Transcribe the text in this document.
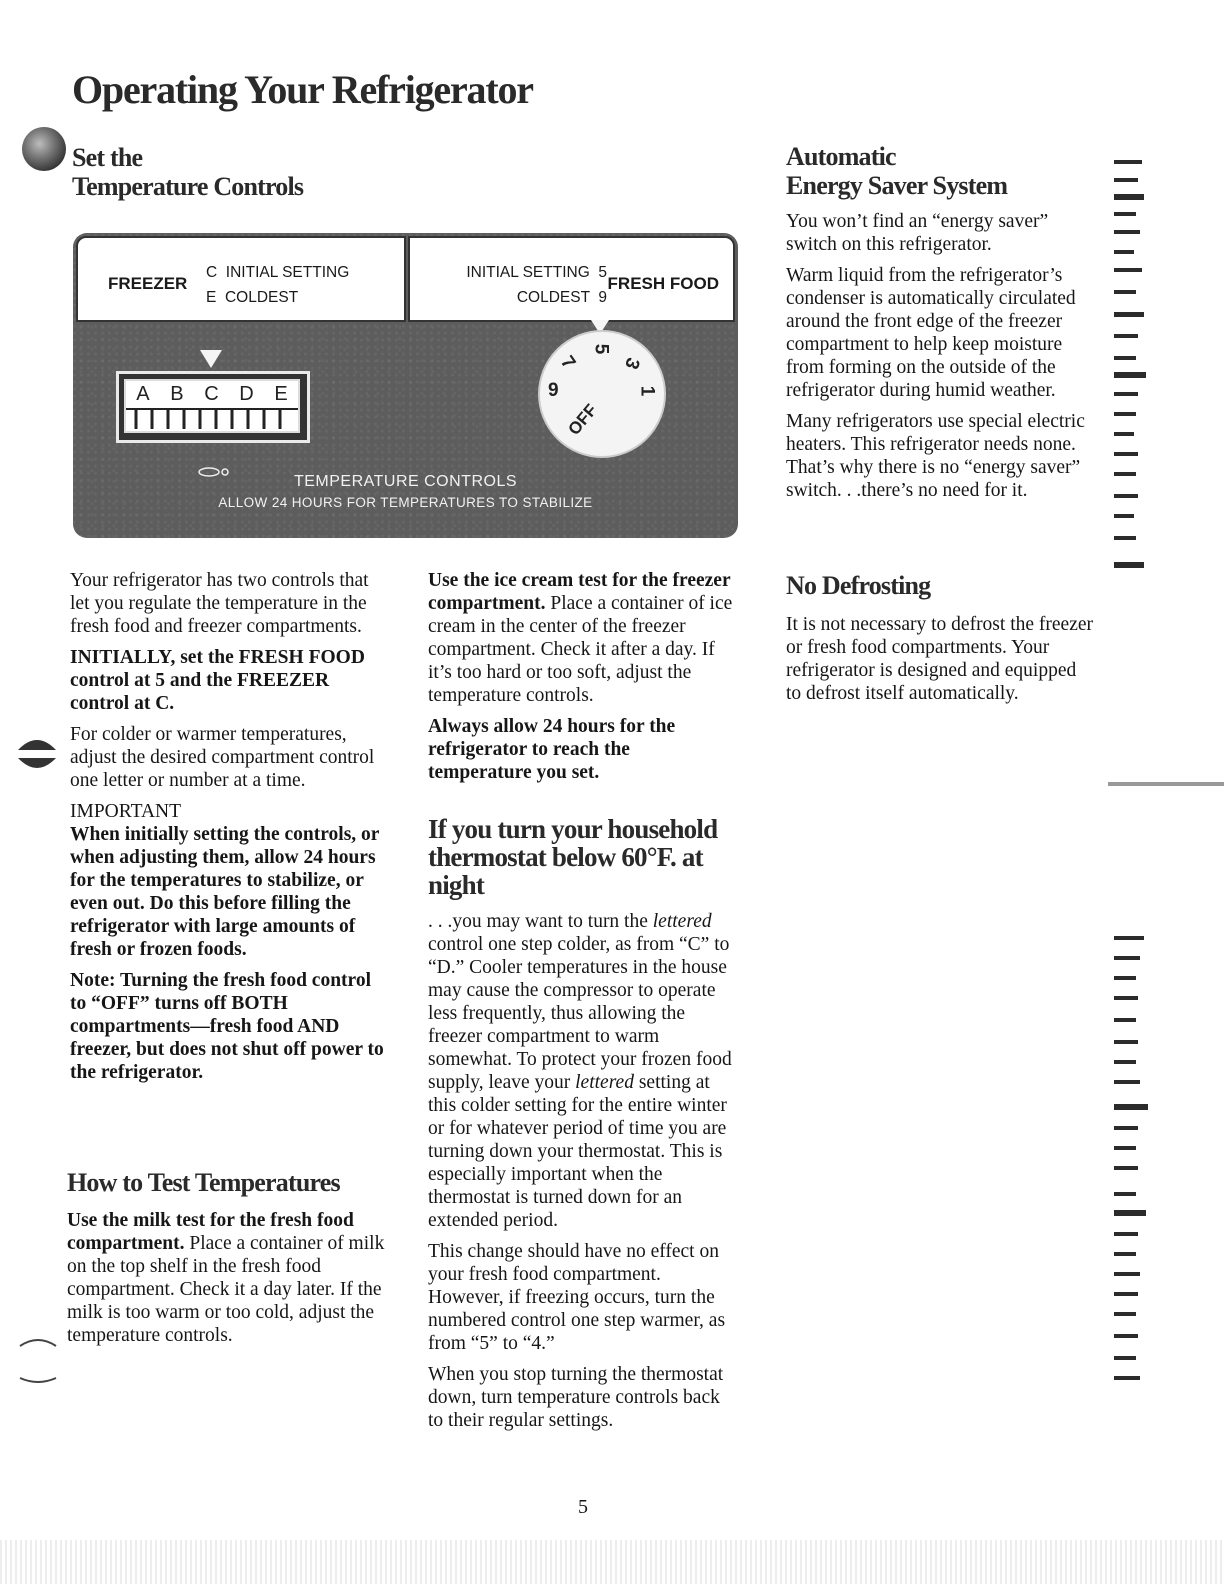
Operating Your Refrigerator
Set the
Temperature Controls
FREEZER
C  INITIAL SETTING
E  COLDEST
INITIAL SETTING  5
COLDEST  9
FRESH FOOD
A B C D E
5
3
1
9
7
OFF
TEMPERATURE CONTROLS
ALLOW 24 HOURS FOR TEMPERATURES TO STABILIZE

Your refrigerator has two controls that let you regulate the temperature in the fresh food and freezer compartments.

INITIALLY, set the FRESH FOOD control at 5 and the FREEZER control at C.

For colder or warmer temperatures, adjust the desired compartment control one letter or number at a time.

IMPORTANT

When initially setting the controls, or when adjusting them, allow 24 hours for the temperatures to stabilize, or even out. Do this before filling the refrigerator with large amounts of fresh or frozen foods.

Note: Turning the fresh food control to “OFF” turns off BOTH compartments—fresh food AND freezer, but does not shut off power to the refrigerator.

How to Test Temperatures

Use the milk test for the fresh food compartment. Place a container of milk on the top shelf in the fresh food compartment. Check it a day later. If the milk is too warm or too cold, adjust the temperature controls.

Use the ice cream test for the freezer compartment. Place a container of ice cream in the center of the freezer compartment. Check it after a day. If it’s too hard or too soft, adjust the temperature controls.

Always allow 24 hours for the refrigerator to reach the temperature you set.

If you turn your household thermostat below 60°F. at night

. . .you may want to turn the lettered control one step colder, as from “C” to “D.” Cooler temperatures in the house may cause the compressor to operate less frequently, thus allowing the freezer compartment to warm somewhat. To protect your frozen food supply, leave your lettered setting at this colder setting for the entire winter or for whatever period of time you are turning down your thermostat. This is especially important when the thermostat is turned down for an extended period.

This change should have no effect on your fresh food compartment. However, if freezing occurs, turn the numbered control one step warmer, as from “5” to “4.”

When you stop turning the thermostat down, turn temperature controls back to their regular settings.

Automatic
Energy Saver System

You won’t find an “energy saver” switch on this refrigerator.

Warm liquid from the refrigerator’s condenser is automatically circulated around the front edge of the freezer compartment to help keep moisture from forming on the outside of the refrigerator during humid weather.

Many refrigerators use special electric heaters. This refrigerator needs none. That’s why there is no “energy saver” switch. . .there’s no need for it.

No Defrosting

It is not necessary to defrost the freezer or fresh food compartments. Your refrigerator is designed and equipped to defrost itself automatically.

5
